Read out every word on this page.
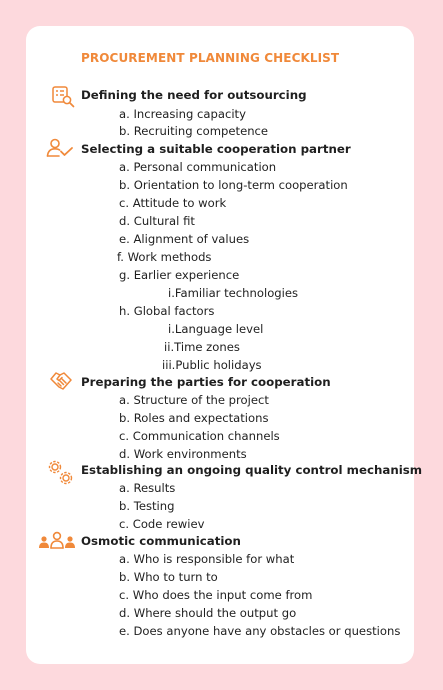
PROCUREMENT PLANNING CHECKLIST
Defining the need for outsourcing
a. Increasing capacity
b. Recruiting competence
Selecting a suitable cooperation partner
a. Personal communication
b. Orientation to long-term cooperation
c. Attitude to work
d. Cultural fit
e. Alignment of values
f. Work methods
g. Earlier experience
i.Familiar technologies
h. Global factors
i.Language level
ii.Time zones
iii.Public holidays
Preparing the parties for cooperation
a. Structure of the project
b. Roles and expectations
c. Communication channels
d. Work environments
Establishing an ongoing quality control mechanism
a. Results
b. Testing
c. Code rewiev
Osmotic communication
a. Who is responsible for what
b. Who to turn to
c. Who does the input come from
d. Where should the output go
e. Does anyone have any obstacles or questions
